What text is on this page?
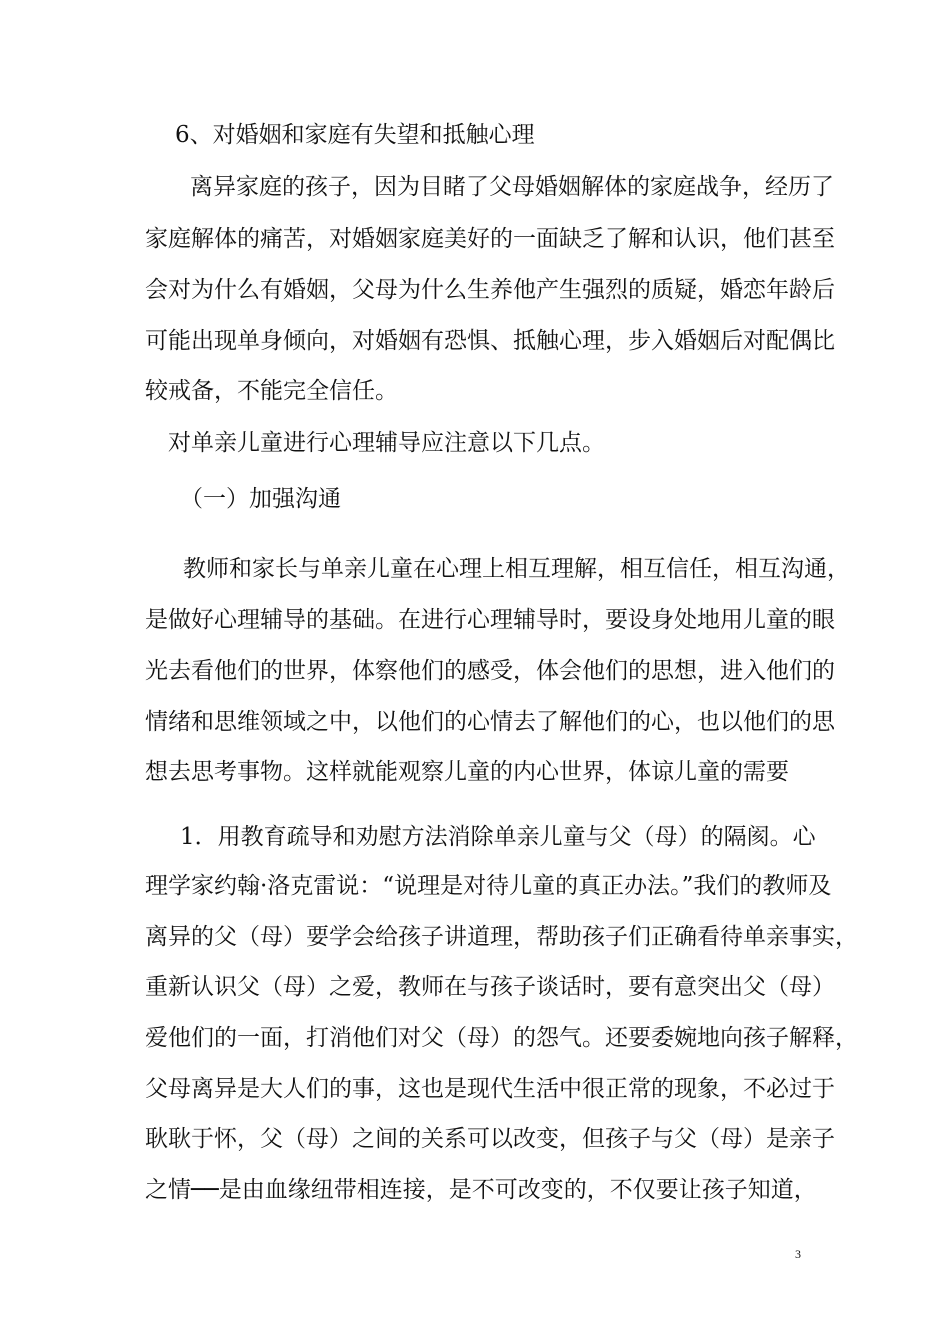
6、对婚姻和家庭有失望和抵触心理
离异家庭的孩子，因为目睹了父母婚姻解体的家庭战争，经历了
家庭解体的痛苦，对婚姻家庭美好的一面缺乏了解和认识，他们甚至
会对为什么有婚姻，父母为什么生养他产生强烈的质疑，婚恋年龄后
可能出现单身倾向，对婚姻有恐惧、抵触心理，步入婚姻后对配偶比
较戒备，不能完全信任。
对单亲儿童进行心理辅导应注意以下几点。
（一）加强沟通
教师和家长与单亲儿童在心理上相互理解，相互信任，相互沟通，
是做好心理辅导的基础。在进行心理辅导时，要设身处地用儿童的眼
光去看他们的世界，体察他们的感受，体会他们的思想，进入他们的
情绪和思维领域之中，以他们的心情去了解他们的心，也以他们的思
想去思考事物。这样就能观察儿童的内心世界，体谅儿童的需要
1．用教育疏导和劝慰方法消除单亲儿童与父（母）的隔阂。心
理学家约翰·洛克雷说：“说理是对待儿童的真正办法。”我们的教师及
离异的父（母）要学会给孩子讲道理，帮助孩子们正确看待单亲事实，
重新认识父（母）之爱，教师在与孩子谈话时，要有意突出父（母）
爱他们的一面，打消他们对父（母）的怨气。还要委婉地向孩子解释，
父母离异是大人们的事，这也是现代生活中很正常的现象，不必过于
耿耿于怀，父（母）之间的关系可以改变，但孩子与父（母）是亲子
之情──是由血缘纽带相连接，是不可改变的，不仅要让孩子知道，
3
